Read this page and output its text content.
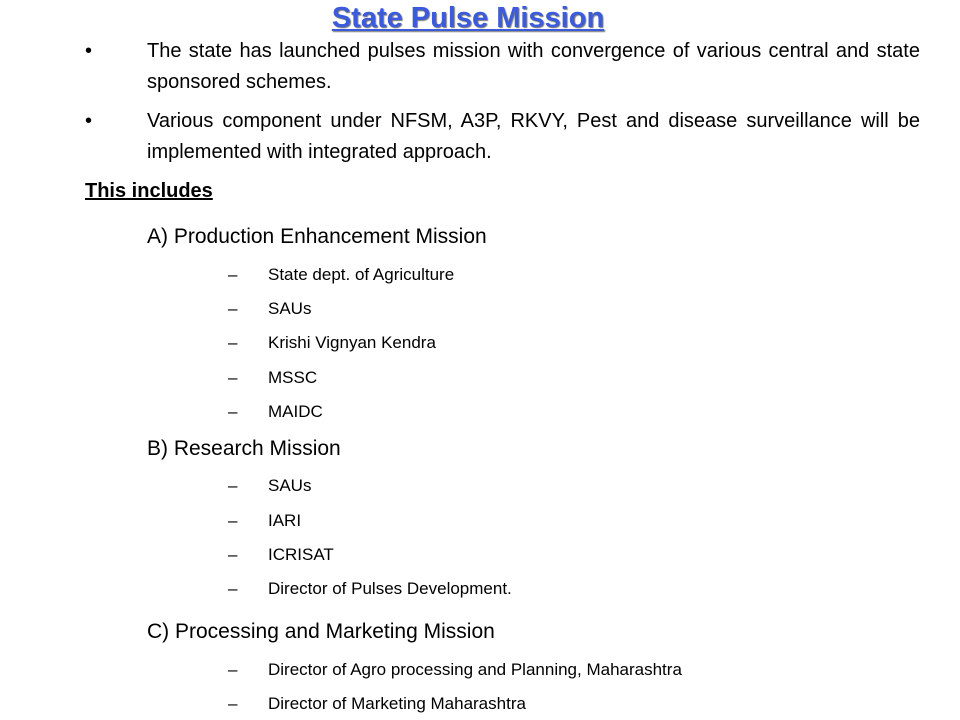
State Pulse Mission
•	The state has launched pulses mission with convergence of various central and state sponsored schemes.
•	Various component under NFSM, A3P, RKVY, Pest and disease surveillance will be implemented with integrated approach.
This includes
A) Production Enhancement Mission
– State dept. of Agriculture
– SAUs
– Krishi Vignyan Kendra
– MSSC
– MAIDC
B) Research Mission
– SAUs
– IARI
– ICRISAT
– Director of Pulses Development.
C) Processing and Marketing Mission
– Director of Agro processing and Planning, Maharashtra
– Director of Marketing Maharashtra
